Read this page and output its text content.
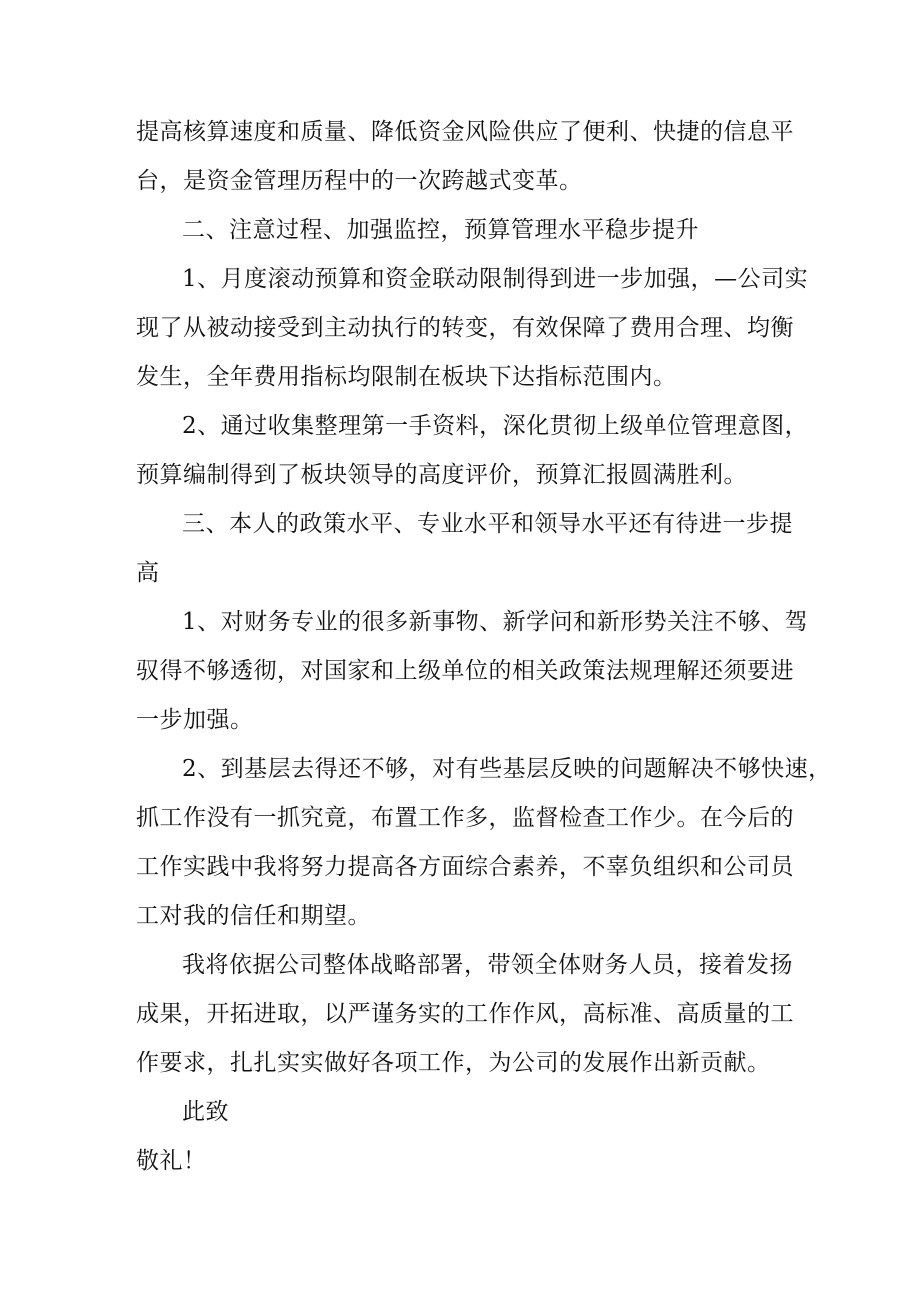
提高核算速度和质量、降低资金风险供应了便利、快捷的信息平
台，是资金管理历程中的一次跨越式变革。
二、注意过程、加强监控，预算管理水平稳步提升
1、月度滚动预算和资金联动限制得到进一步加强，—公司实
现了从被动接受到主动执行的转变，有效保障了费用合理、均衡
发生，全年费用指标均限制在板块下达指标范围内。
2、通过收集整理第一手资料，深化贯彻上级单位管理意图，
预算编制得到了板块领导的高度评价，预算汇报圆满胜利。
三、本人的政策水平、专业水平和领导水平还有待进一步提
高
1、对财务专业的很多新事物、新学问和新形势关注不够、驾
驭得不够透彻，对国家和上级单位的相关政策法规理解还须要进
一步加强。
2、到基层去得还不够，对有些基层反映的问题解决不够快速，
抓工作没有一抓究竟，布置工作多，监督检查工作少。在今后的
工作实践中我将努力提高各方面综合素养，不辜负组织和公司员
工对我的信任和期望。
我将依据公司整体战略部署，带领全体财务人员，接着发扬
成果，开拓进取，以严谨务实的工作作风，高标准、高质量的工
作要求，扎扎实实做好各项工作，为公司的发展作出新贡献。
此致
敬礼！
